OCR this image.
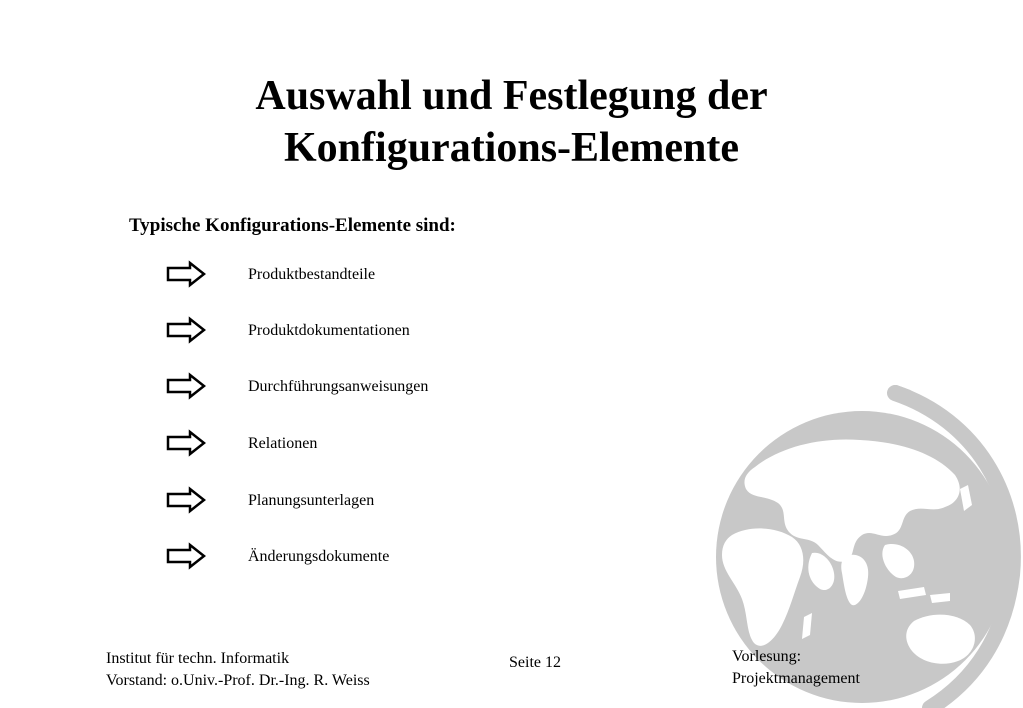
Auswahl und Festlegung der
Konfigurations-Elemente
Typische Konfigurations-Elemente sind:
Produktbestandteile
Produktdokumentationen
Durchführungsanweisungen
Relationen
Planungsunterlagen
Änderungsdokumente
Institut für techn. Informatik
Vorstand: o.Univ.-Prof. Dr.-Ing. R. Weiss
Seite 12	Vorlesung:
Projektmanagement
